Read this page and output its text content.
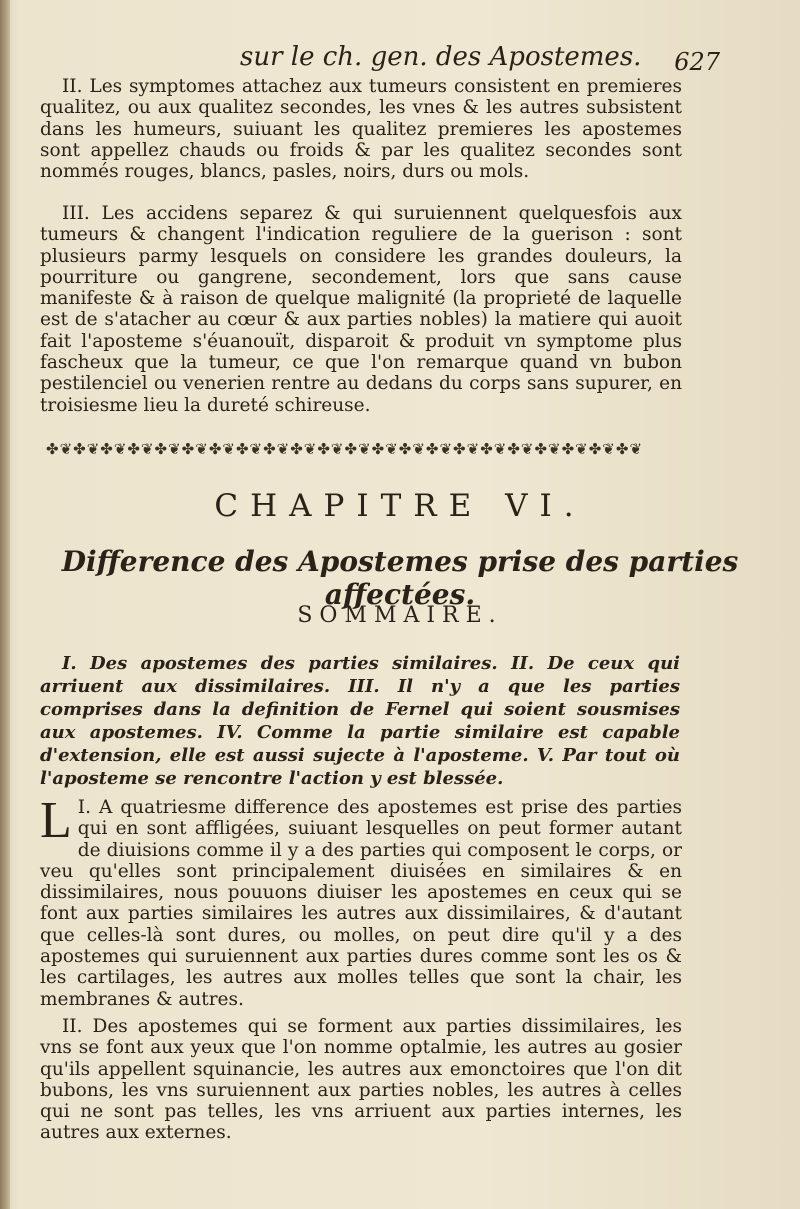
sur le ch. gen. des Apostemes. 627

II. Les symptomes attachez aux tumeurs consistent en premieres qualitez, ou aux qualitez secondes, les vnes & les autres subsistent dans les humeurs, suiuant les qualitez premieres les apostemes sont appellez chauds ou froids & par les qualitez secondes sont nommés rouges, blancs, pasles, noirs, durs ou mols.

III. Les accidens separez & qui suruiennent quelquesfois aux tumeurs & changent l'indication reguliere de la guerison : sont plusieurs parmy lesquels on considere les grandes douleurs, la pourriture ou gangrene, secondement, lors que sans cause manifeste & à raison de quelque malignité (la proprieté de laquelle est de s'atacher au cœur & aux parties nobles) la matiere qui auoit fait l'aposteme s'éuanouït, disparoit & produit vn symptome plus fascheux que la tumeur, ce que l'on remarque quand vn bubon pestilenciel ou venerien rentre au dedans du corps sans supurer, en troisiesme lieu la dureté schireuse.

✤❦✤❦✤❦✤❦✤❦✤❦✤❦✤❦✤❦✤❦✤❦✤❦✤❦✤❦✤❦✤❦✤❦✤❦✤❦✤❦✤❦✤❦
CHAPITRE VI.
Difference des Apostemes prise des parties affectées.
SOMMAIRE.

I. Des apostemes des parties similaires. II. De ceux qui arriuent aux dissimilaires. III. Il n'y a que les parties comprises dans la definition de Fernel qui soient sousmises aux apostemes. IV. Comme la partie similaire est capable d'extension, elle est aussi sujecte à l'aposteme. V. Par tout où l'aposteme se rencontre l'action y est blessée.

I.
L A quatriesme difference des apostemes est prise des parties qui en sont affligées, suiuant lesquelles on peut former autant de diuisions comme il y a des parties qui composent le corps, or veu qu'elles sont principalement diuisées en similaires & en dissimilaires, nous pouuons diuiser les apostemes en ceux qui se font aux parties similaires les autres aux dissimilaires, & d'autant que celles-là sont dures, ou molles, on peut dire qu'il y a des apostemes qui suruiennent aux parties dures comme sont les os & les cartilages, les autres aux molles telles que sont la chair, les membranes & autres.

II. Des apostemes qui se forment aux parties dissimilaires, les vns se font aux yeux que l'on nomme optalmie, les autres au gosier qu'ils appellent squinancie, les autres aux emonctoires que l'on dit bubons, les vns suruiennent aux parties nobles, les autres à celles qui ne sont pas telles, les vns arriuent aux parties internes, les autres aux externes.
